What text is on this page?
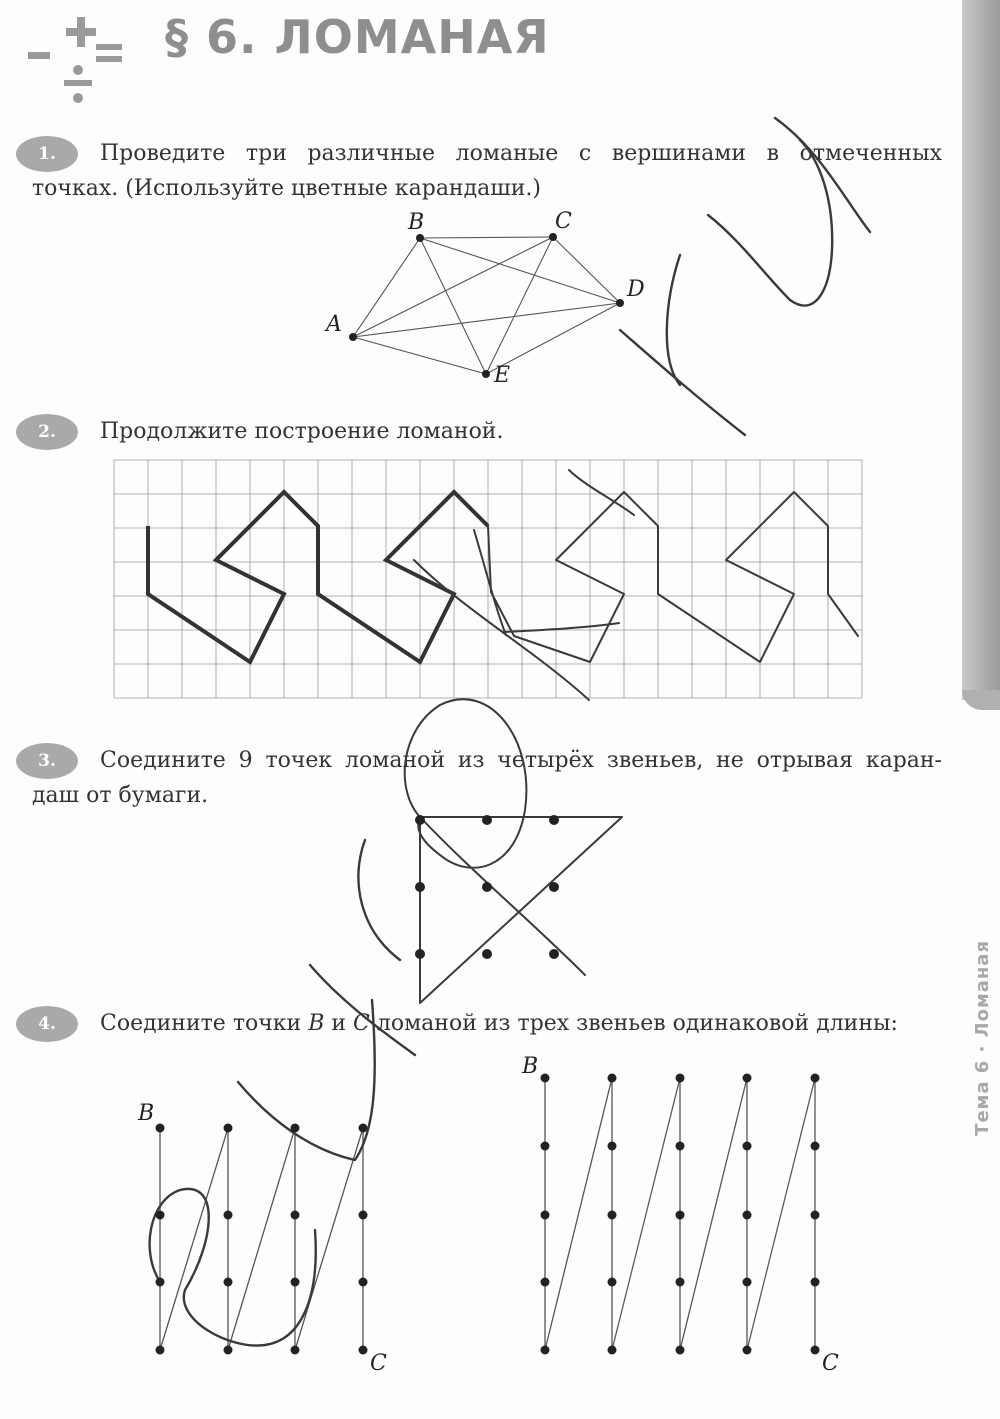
Тема 6 · Ломаная
§ 6. ЛОМАНАЯ
1.	Проведите три различные ломаные с вершинами в отмеченных
точках. (Используйте цветные карандаши.)
A
B	C
D
E
2.	Продолжите построение ломаной.
3.	Соедините 9 точек ломаной из четырёх звеньев, не отрывая каран-
даш от бумаги.
4.	Соедините точки B и C ломаной из трех звеньев одинаковой длины:
B
C
B
C
